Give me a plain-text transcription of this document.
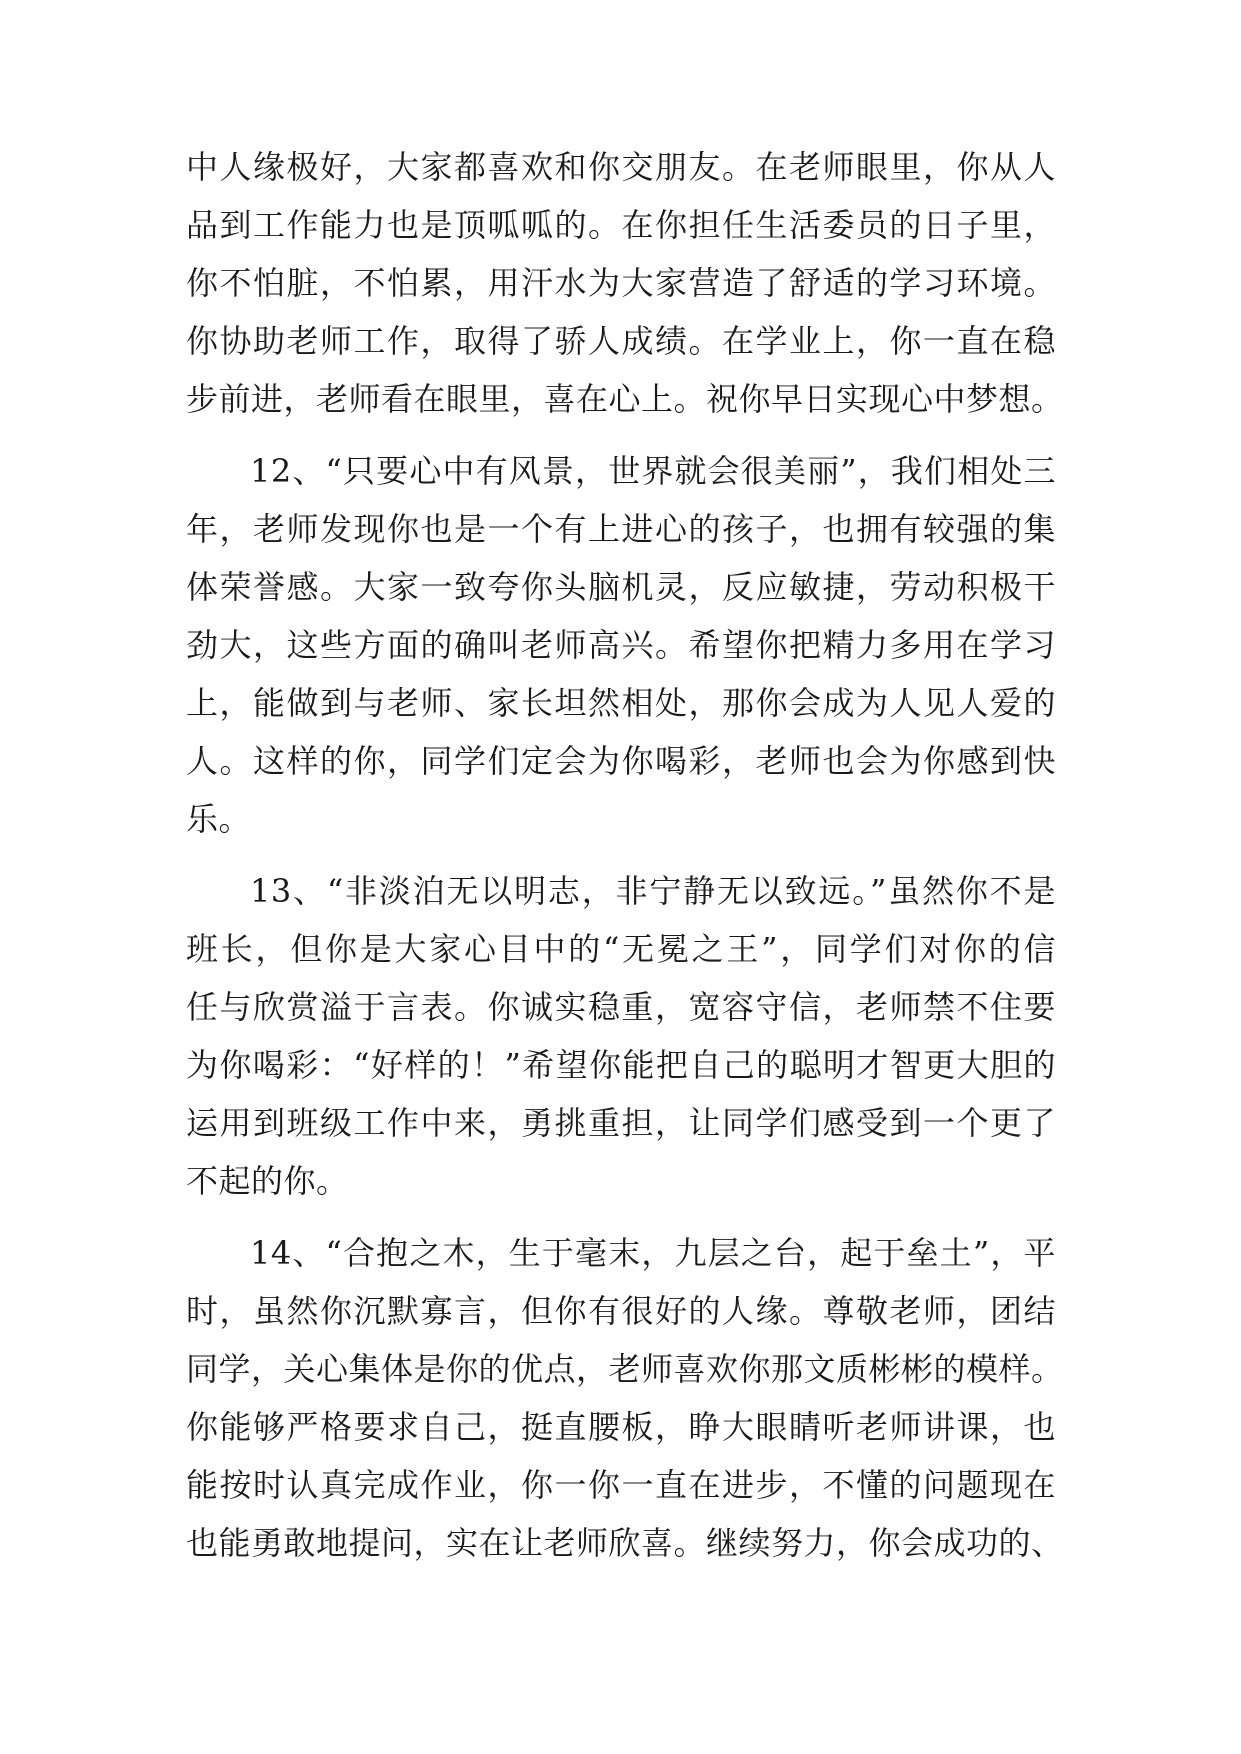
中人缘极好，大家都喜欢和你交朋友。在老师眼里，你从人
品到工作能力也是顶呱呱的。在你担任生活委员的日子里，
你不怕脏，不怕累，用汗水为大家营造了舒适的学习环境。
你协助老师工作，取得了骄人成绩。在学业上，你一直在稳
步前进，老师看在眼里，喜在心上。祝你早日实现心中梦想。
12、“只要心中有风景，世界就会很美丽”，我们相处三
年，老师发现你也是一个有上进心的孩子，也拥有较强的集
体荣誉感。大家一致夸你头脑机灵，反应敏捷，劳动积极干
劲大，这些方面的确叫老师高兴。希望你把精力多用在学习
上，能做到与老师、家长坦然相处，那你会成为人见人爱的
人。这样的你，同学们定会为你喝彩，老师也会为你感到快
乐。
13、“非淡泊无以明志，非宁静无以致远。”虽然你不是
班长，但你是大家心目中的“无冕之王”，同学们对你的信
任与欣赏溢于言表。你诚实稳重，宽容守信，老师禁不住要
为你喝彩：“好样的！”希望你能把自己的聪明才智更大胆的
运用到班级工作中来，勇挑重担，让同学们感受到一个更了
不起的你。
14、“合抱之木，生于毫末，九层之台，起于垒土”，平
时，虽然你沉默寡言，但你有很好的人缘。尊敬老师，团结
同学，关心集体是你的优点，老师喜欢你那文质彬彬的模样。
你能够严格要求自己，挺直腰板，睁大眼睛听老师讲课，也
能按时认真完成作业，你一你一直在进步，不懂的问题现在
也能勇敢地提问，实在让老师欣喜。继续努力，你会成功的、
